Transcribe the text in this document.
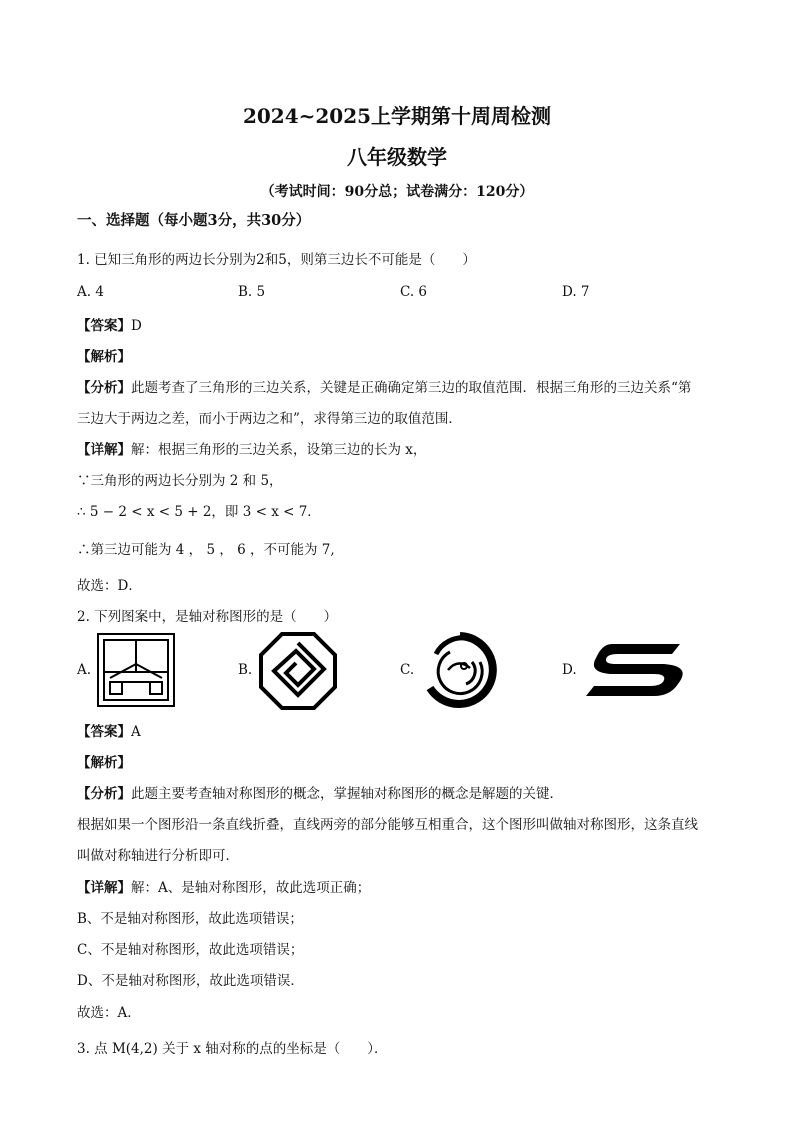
2024~2025上学期第十周周检测
八年级数学
（考试时间：90分总；试卷满分：120分）
一、选择题（每小题3分，共30分）
1. 已知三角形的两边长分别为2和5，则第三边长不可能是（　　）
A. 4	B. 5	C. 6	D. 7
【答案】D
【解析】
【分析】此题考查了三角形的三边关系，关键是正确确定第三边的取值范围．根据三角形的三边关系“第
三边大于两边之差，而小于两边之和”，求得第三边的取值范围．
【详解】解：根据三角形的三边关系，设第三边的长为 x，
∵三角形的两边长分别为 2 和 5，
∴ 5 − 2 < x < 5 + 2，即 3 < x < 7．
∴第三边可能为 4 ， 5 ， 6 ，不可能为 7,
故选：D．
2. 下列图案中，是轴对称图形的是（　　）
A.	B.	C.	D.
【答案】A
【解析】
【分析】此题主要考查轴对称图形的概念，掌握轴对称图形的概念是解题的关键．
根据如果一个图形沿一条直线折叠，直线两旁的部分能够互相重合，这个图形叫做轴对称图形，这条直线
叫做对称轴进行分析即可．
【详解】解：A、是轴对称图形，故此选项正确；
B、不是轴对称图形，故此选项错误；
C、不是轴对称图形，故此选项错误；
D、不是轴对称图形，故此选项错误．
故选：A．
3. 点 M(4,2) 关于 x 轴对称的点的坐标是（　　）．
